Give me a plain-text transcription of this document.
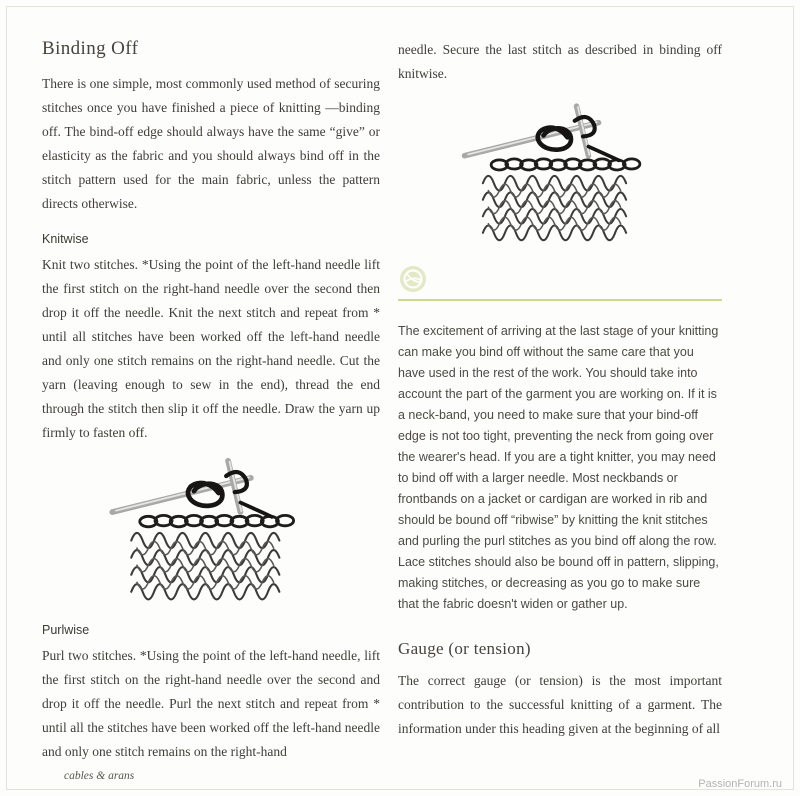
Binding Off

There is one simple, most commonly used method of securing stitches once you have finished a piece of knitting —binding off. The bind-off edge should always have the same “give” or elasticity as the fabric and you should always bind off in the stitch pattern used for the main fabric, unless the pattern directs otherwise.

Knitwise

Knit two stitches. *Using the point of the left-hand needle lift the first stitch on the right-hand needle over the second then drop it off the needle. Knit the next stitch and repeat from * until all stitches have been worked off the left-hand needle and only one stitch remains on the right-hand needle. Cut the yarn (leaving enough to sew in the end), thread the end through the stitch then slip it off the needle. Draw the yarn up firmly to fasten off.

Purlwise

Purl two stitches. *Using the point of the left-hand needle, lift the first stitch on the right-hand needle over the second and drop it off the needle. Purl the next stitch and repeat from * until all the stitches have been worked off the left-hand needle and only one stitch remains on the right-hand

needle. Secure the last stitch as described in binding off knitwise.

The excitement of arriving at the last stage of your knitting can make you bind off without the same care that you have used in the rest of the work. You should take into account the part of the garment you are working on. If it is a neck-band, you need to make sure that your bind-off edge is not too tight, preventing the neck from going over the wearer's head. If you are a tight knitter, you may need to bind off with a larger needle. Most neckbands or frontbands on a jacket or cardigan are worked in rib and should be bound off “ribwise” by knitting the knit stitches and purling the purl stitches as you bind off along the row. Lace stitches should also be bound off in pattern, slipping, making stitches, or decreasing as you go to make sure that the fabric doesn't widen or gather up.

Gauge (or tension)

The correct gauge (or tension) is the most important contribution to the successful knitting of a garment. The information under this heading given at the beginning of all

cables & arans
PassionForum.ru
